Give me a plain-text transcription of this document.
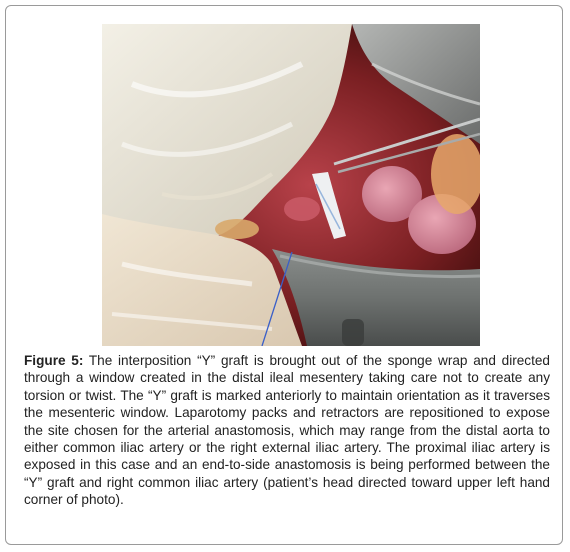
Figure 5: The interposition “Y” graft is brought out of the sponge wrap and directed through a window created in the distal ileal mesentery taking care not to create any torsion or twist. The “Y” graft is marked anteriorly to maintain orientation as it traverses the mesenteric window. Laparotomy packs and retractors are repositioned to expose the site chosen for the arterial anastomosis, which may range from the distal aorta to either common iliac artery or the right external iliac artery. The proximal iliac artery is exposed in this case and an end-to-side anastomosis is being performed between the “Y” graft and right common iliac artery (patient’s head directed toward upper left hand corner of photo).
